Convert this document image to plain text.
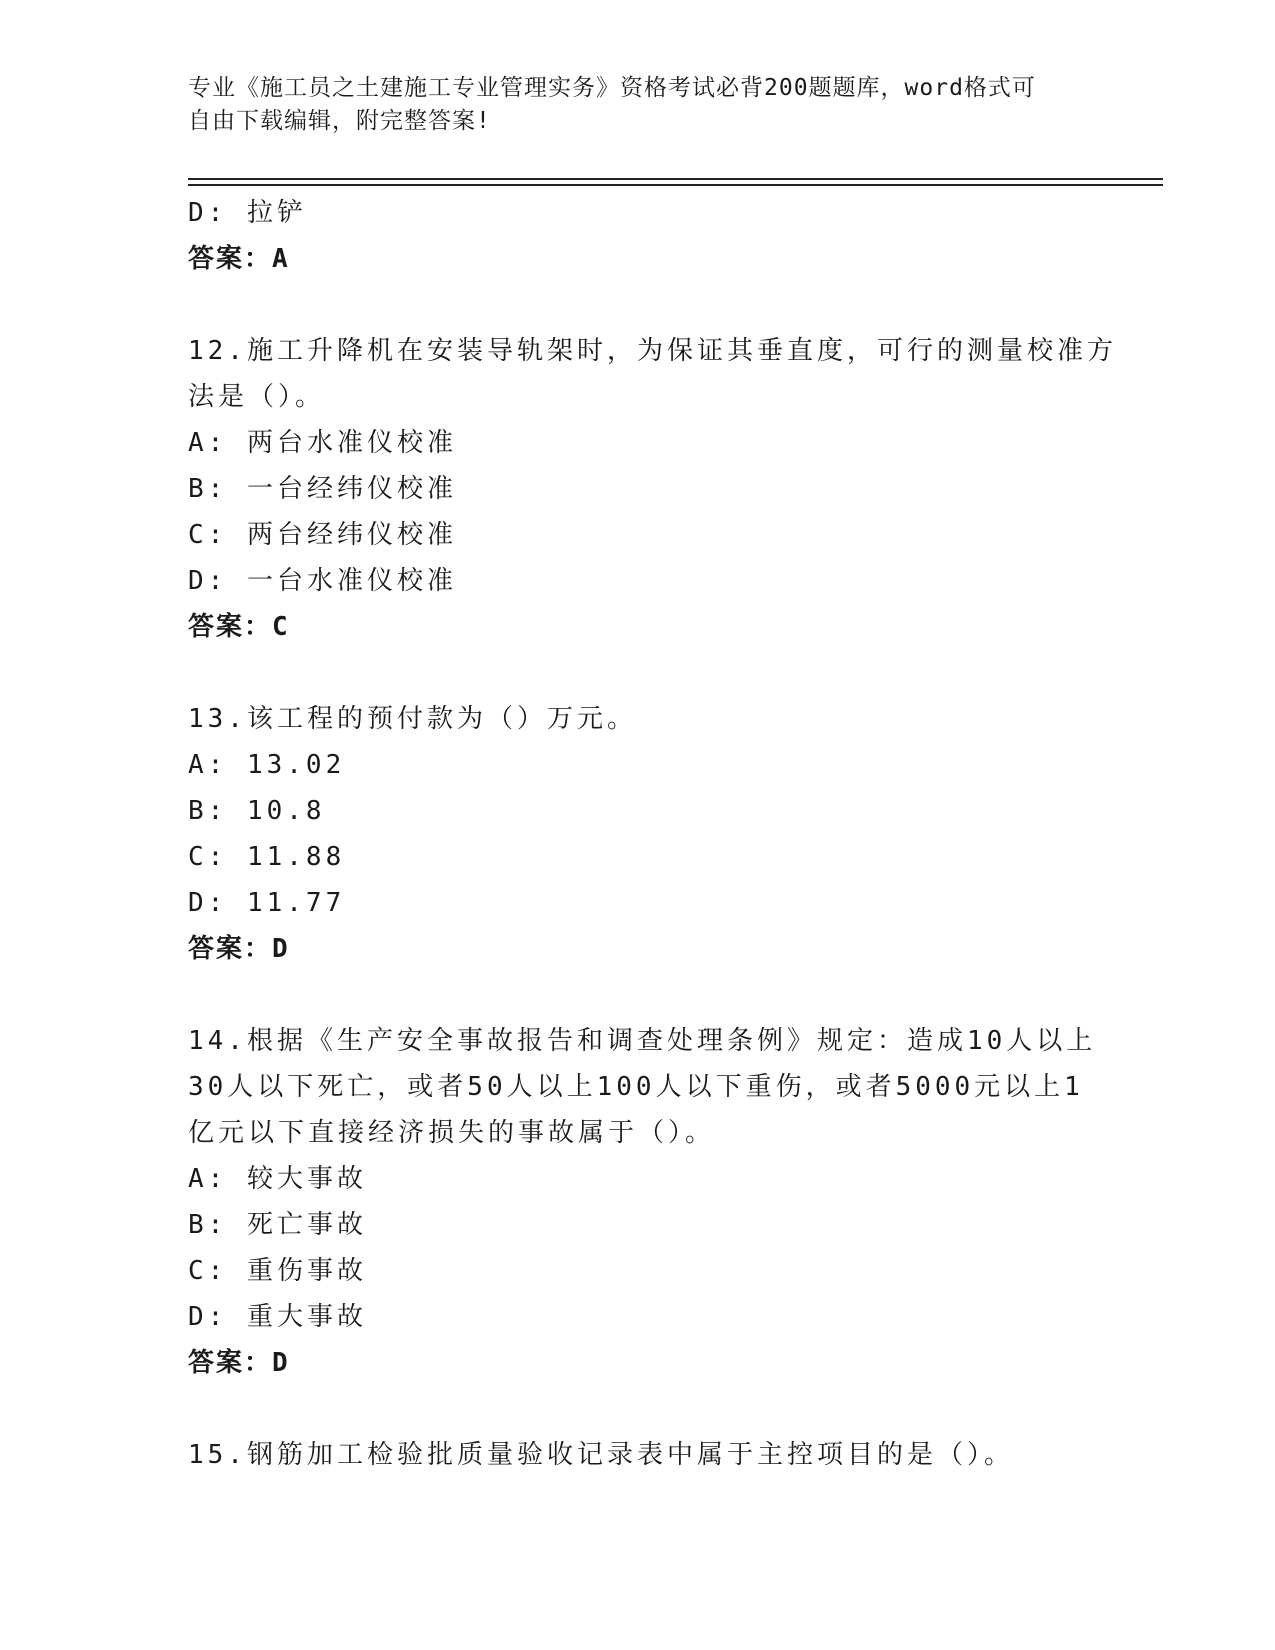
专业《施工员之土建施工专业管理实务》资格考试必背200题题库，word格式可
自由下载编辑，附完整答案!
D: 拉铲
答案：A
12.施工升降机在安装导轨架时，为保证其垂直度，可行的测量校准方
法是（）。
A: 两台水准仪校准
B: 一台经纬仪校准
C: 两台经纬仪校准
D: 一台水准仪校准
答案：C
13.该工程的预付款为（）万元。
A: 13.02
B: 10.8
C: 11.88
D: 11.77
答案：D
14.根据《生产安全事故报告和调查处理条例》规定：造成10人以上
30人以下死亡，或者50人以上100人以下重伤，或者5000元以上1
亿元以下直接经济损失的事故属于（）。
A: 较大事故
B: 死亡事故
C: 重伤事故
D: 重大事故
答案：D
15.钢筋加工检验批质量验收记录表中属于主控项目的是（）。
